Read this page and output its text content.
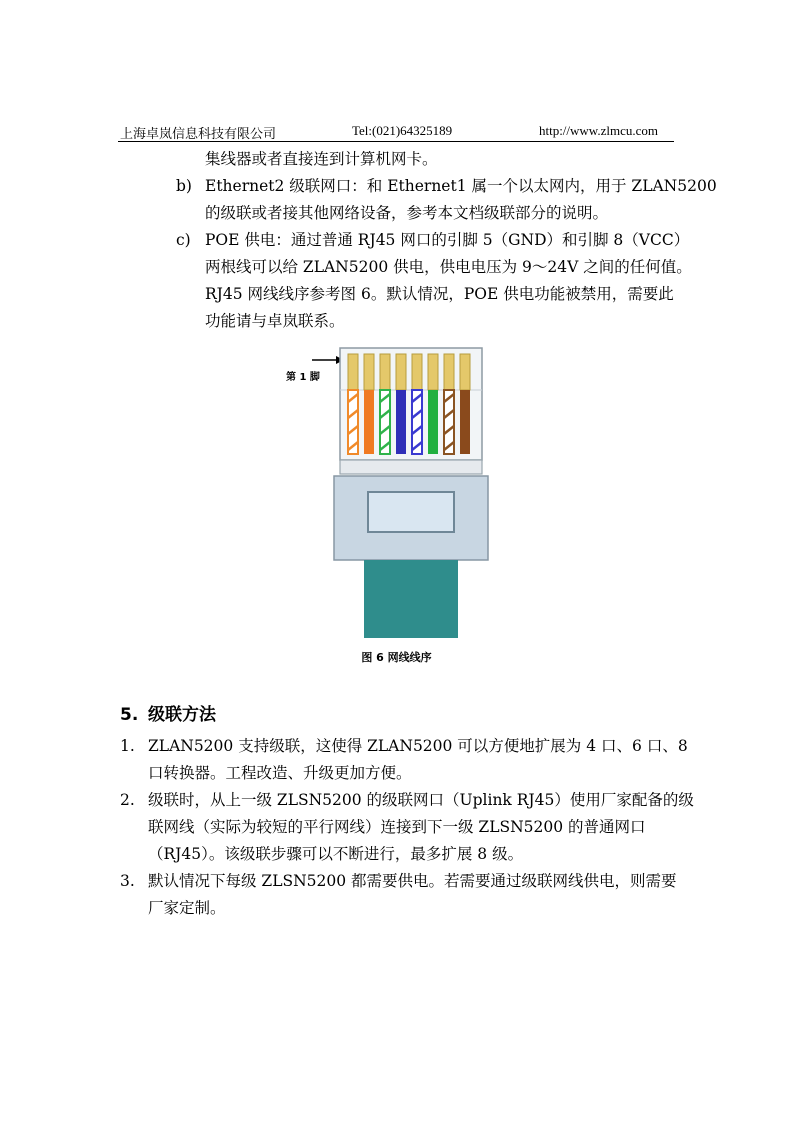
上海卓岚信息科技有限公司	Tel:(021)64325189	http://www.zlmcu.com
集线器或者直接连到计算机网卡。
b) Ethernet2 级联网口：和 Ethernet1 属一个以太网内，用于 ZLAN5200
的级联或者接其他网络设备，参考本文档级联部分的说明。
c) POE 供电：通过普通 RJ45 网口的引脚 5（GND）和引脚 8（VCC）
两根线可以给 ZLAN5200 供电，供电电压为 9～24V 之间的任何值。
RJ45 网线线序参考图 6。默认情况，POE 供电功能被禁用，需要此
功能请与卓岚联系。
第 1 脚
图 6 网线线序
5. 级联方法
1. ZLAN5200 支持级联，这使得 ZLAN5200 可以方便地扩展为 4 口、6 口、8
口转换器。工程改造、升级更加方便。
2. 级联时，从上一级 ZLSN5200 的级联网口（Uplink RJ45）使用厂家配备的级
联网线（实际为较短的平行网线）连接到下一级 ZLSN5200 的普通网口
（RJ45）。该级联步骤可以不断进行，最多扩展 8 级。
3. 默认情况下每级 ZLSN5200 都需要供电。若需要通过级联网线供电，则需要
厂家定制。
